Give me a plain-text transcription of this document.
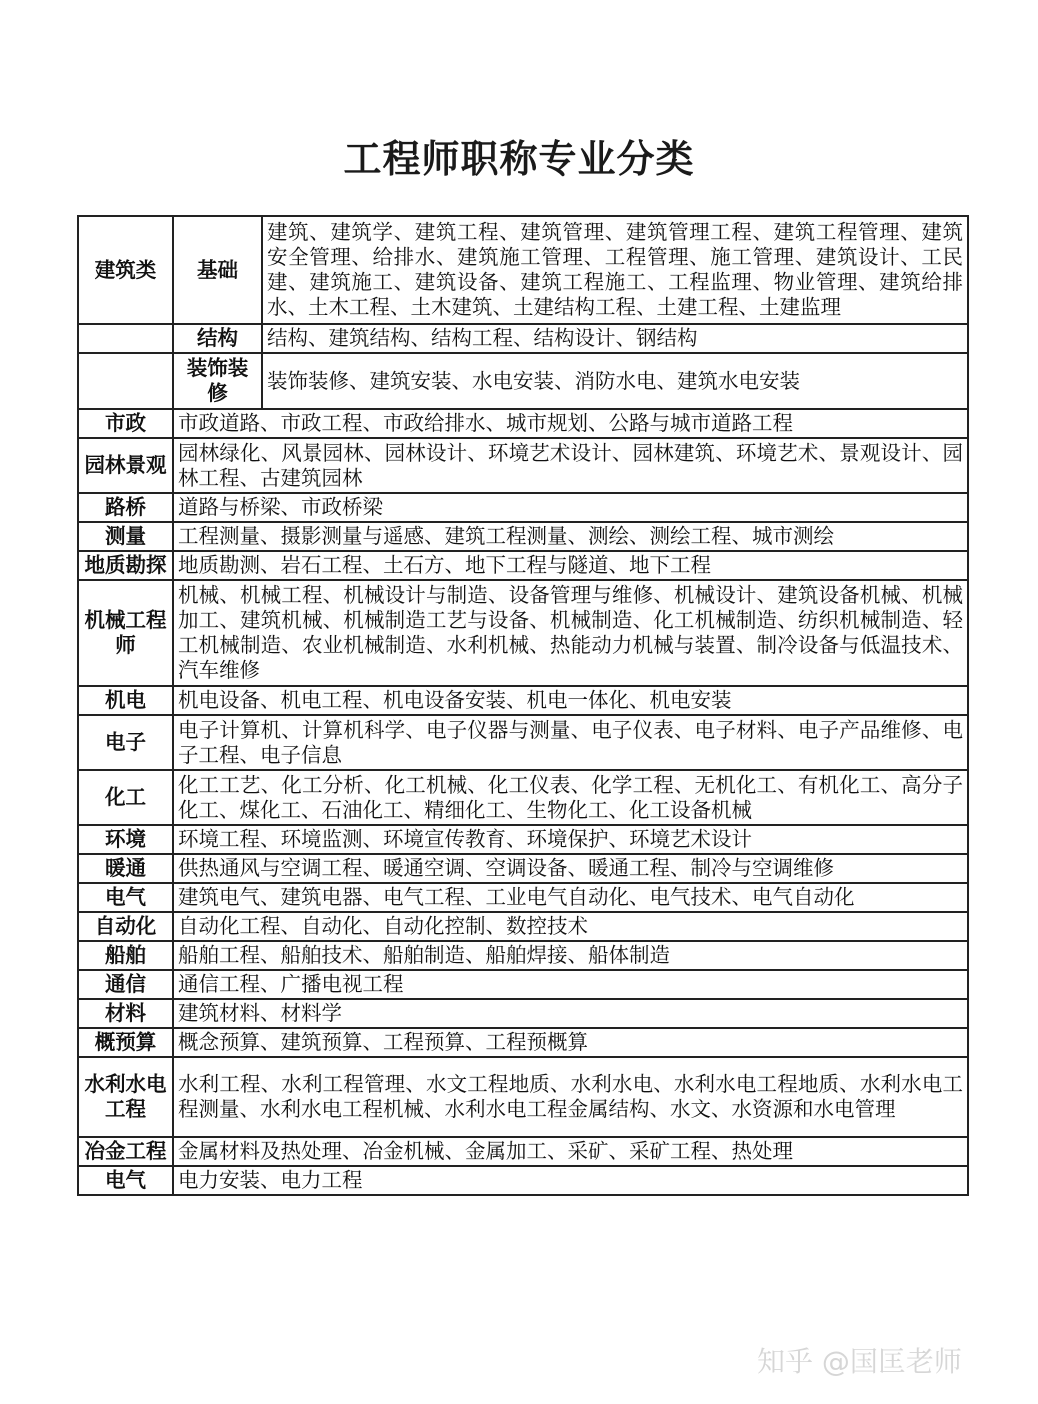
工程师职称专业分类
建筑类	基础	建筑、建筑学、建筑工程、建筑管理、建筑管理工程、建筑工程管理、建筑安全管理、给排水、建筑施工管理、工程管理、施工管理、建筑设计、工民建、建筑施工、建筑设备、建筑工程施工、工程监理、物业管理、建筑给排水、土木工程、土木建筑、土建结构工程、土建工程、土建监理
	结构	结构、建筑结构、结构工程、结构设计、钢结构
	装饰装修	装饰装修、建筑安装、水电安装、消防水电、建筑水电安装
市政	市政道路、市政工程、市政给排水、城市规划、公路与城市道路工程	
园林景观	园林绿化、风景园林、园林设计、环境艺术设计、园林建筑、环境艺术、景观设计、园林工程、古建筑园林	
路桥	道路与桥梁、市政桥梁	
测量	工程测量、摄影测量与遥感、建筑工程测量、测绘、测绘工程、城市测绘	
地质勘探	地质勘测、岩石工程、土石方、地下工程与隧道、地下工程	
机械工程师	机械、机械工程、机械设计与制造、设备管理与维修、机械设计、建筑设备机械、机械加工、建筑机械、机械制造工艺与设备、机械制造、化工机械制造、纺织机械制造、轻工机械制造、农业机械制造、水利机械、热能动力机械与装置、制冷设备与低温技术、汽车维修	
机电	机电设备、机电工程、机电设备安装、机电一体化、机电安装	
电子	电子计算机、计算机科学、电子仪器与测量、电子仪表、电子材料、电子产品维修、电子工程、电子信息	
化工	化工工艺、化工分析、化工机械、化工仪表、化学工程、无机化工、有机化工、高分子化工、煤化工、石油化工、精细化工、生物化工、化工设备机械	
环境	环境工程、环境监测、环境宣传教育、环境保护、环境艺术设计	
暖通	供热通风与空调工程、暖通空调、空调设备、暖通工程、制冷与空调维修	
电气	建筑电气、建筑电器、电气工程、工业电气自动化、电气技术、电气自动化	
自动化	自动化工程、自动化、自动化控制、数控技术	
船舶	船舶工程、船舶技术、船舶制造、船舶焊接、船体制造	
通信	通信工程、广播电视工程	
材料	建筑材料、材料学	
概预算	概念预算、建筑预算、工程预算、工程预概算	
水利水电工程	水利工程、水利工程管理、水文工程地质、水利水电、水利水电工程地质、水利水电工程测量、水利水电工程机械、水利水电工程金属结构、水文、水资源和水电管理	
冶金工程	金属材料及热处理、冶金机械、金属加工、采矿、采矿工程、热处理	
电气	电力安装、电力工程	
知乎 @国匡老师
